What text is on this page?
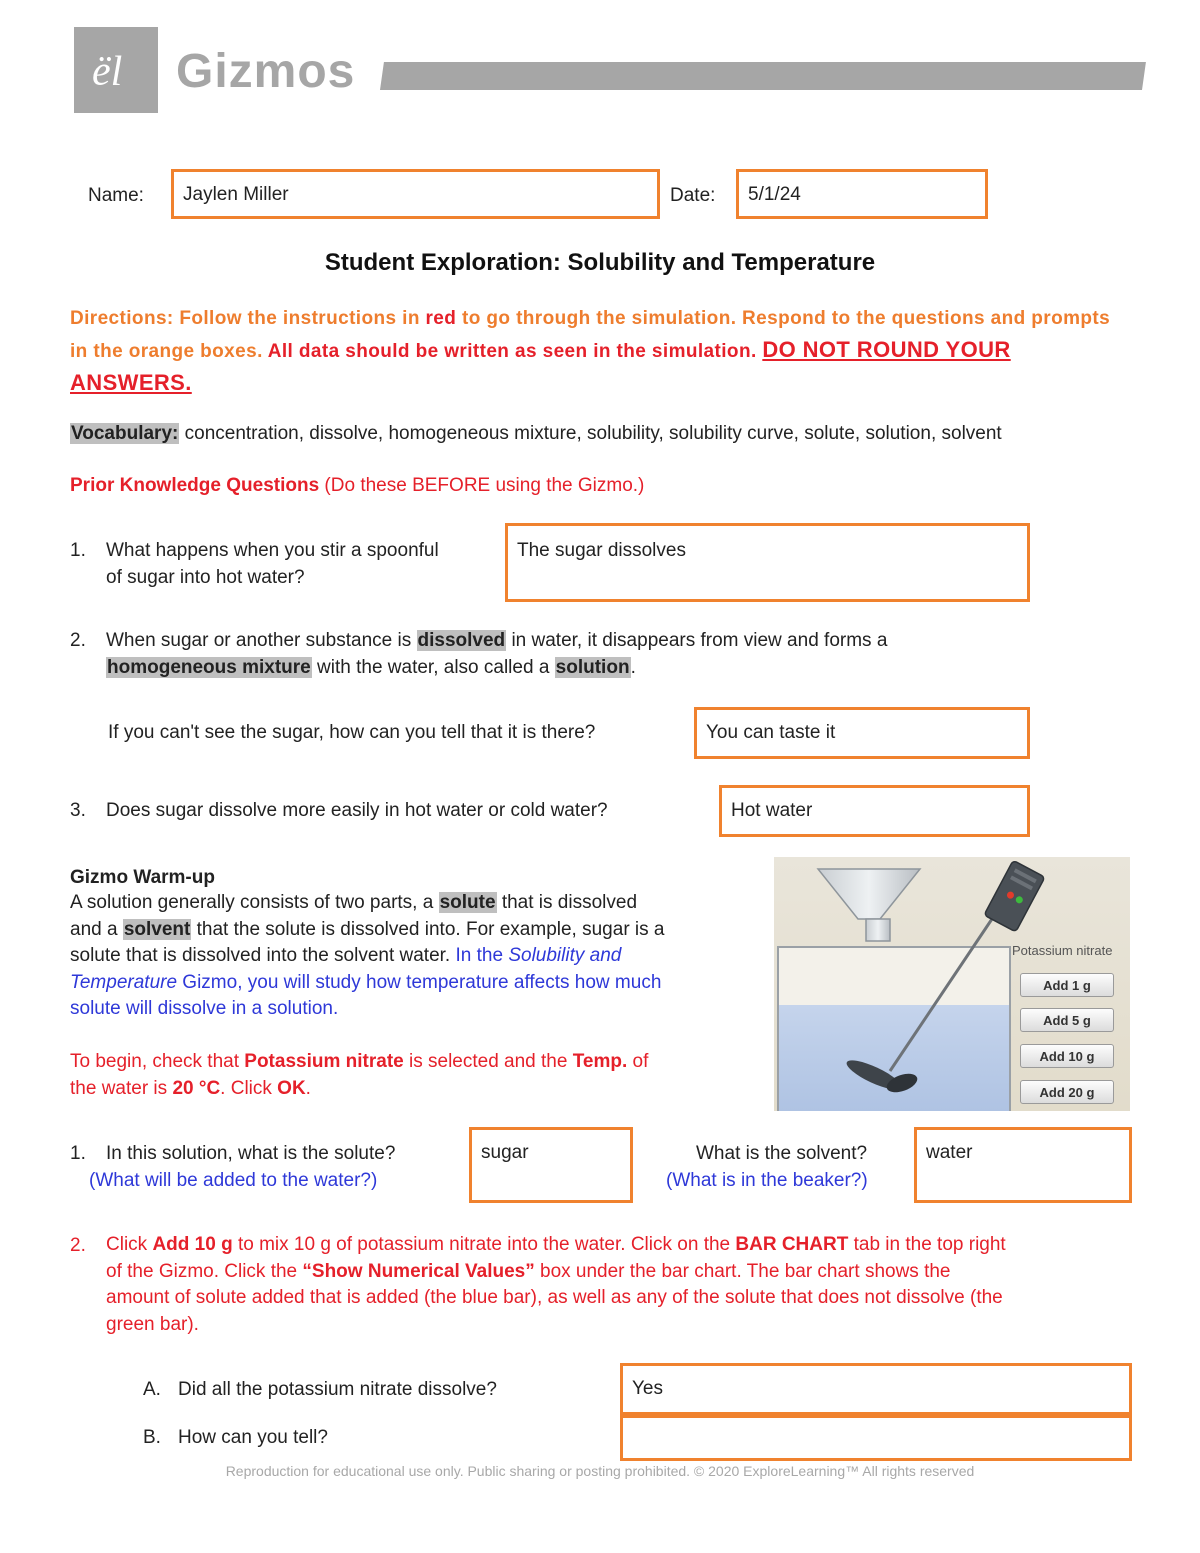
ël Gizmos
Name:	Jaylen Miller	Date:	5/1/24
Student Exploration: Solubility and Temperature
Directions: Follow the instructions in red to go through the simulation. Respond to the questions and prompts in the orange boxes. All data should be written as seen in the simulation. DO NOT ROUND YOUR ANSWERS.
Vocabulary: concentration, dissolve, homogeneous mixture, solubility, solubility curve, solute, solution, solvent
Prior Knowledge Questions (Do these BEFORE using the Gizmo.)
1.	What happens when you stir a spoonful
of sugar into hot water?
The sugar dissolves
2.	When sugar or another substance is dissolved in water, it disappears from view and forms a
homogeneous mixture with the water, also called a solution.
If you can't see the sugar, how can you tell that it is there?	You can taste it
3.	Does sugar dissolve more easily in hot water or cold water?	Hot water
Gizmo Warm-up
A solution generally consists of two parts, a solute that is dissolved
and a solvent that the solute is dissolved into. For example, sugar is a
solute that is dissolved into the solvent water. In the Solubility and
Temperature Gizmo, you will study how temperature affects how much
solute will dissolve in a solution.
To begin, check that Potassium nitrate is selected and the Temp. of
the water is 20 °C. Click OK.
Potassium nitrate
Add 1 g
Add 5 g
Add 10 g
Add 20 g
1.	In this solution, what is the solute?
(What will be added to the water?)
sugar	What is the solvent?
(What is in the beaker?)
water
2.	Click Add 10 g to mix 10 g of potassium nitrate into the water. Click on the BAR CHART tab in the top right
of the Gizmo. Click the “Show Numerical Values” box under the bar chart. The bar chart shows the
amount of solute added that is added (the blue bar), as well as any of the solute that does not dissolve (the
green bar).
A. Did all the potassium nitrate dissolve?	Yes
B. How can you tell?
Reproduction for educational use only. Public sharing or posting prohibited. © 2020 ExploreLearning™ All rights reserved
